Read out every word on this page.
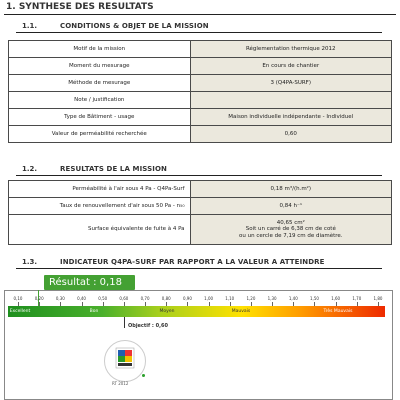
1. SYNTHESE DES RESULTATS
1.1.	CONDITIONS & OBJET DE LA MISSION
Motif de la mission	Réglementation thermique 2012
Moment du mesurage	En cours de chantier
Méthode de mesurage	3 (Q4PA-SURF)
Note / justification	
Type de Bâtiment - usage	Maison individuelle indépendante - Individuel
Valeur de perméabilité recherchée	0,60
1.2.	RESULTATS DE LA MISSION
Perméabilité à l'air sous 4 Pa - Q4Pa-Surf	0,18 m³/(h.m²)
Taux de renouvellement d'air sous 50 Pa - n₅₀	0,84 h⁻¹
Surface équivalente de fuite à 4 Pa	40,65 cm²
Soit un carré de 6,38 cm de coté
ou un cercle de 7,19 cm de diamètre.
1.3.	INDICATEUR Q4PA-SURF PAR RAPPORT A LA VALEUR A ATTEINDRE
Résultat : 0,18
0,10	0,20	0,30	0,40	0,50	0,60	0,70	0,80	0,90	1,00	1,10	1,20	1,30	1,40	1,50	1,60	1,70	1,80
Excellent	Bon	Moyen	Mauvais	Très Mauvais
Objectif : 0,60
RT 2012
